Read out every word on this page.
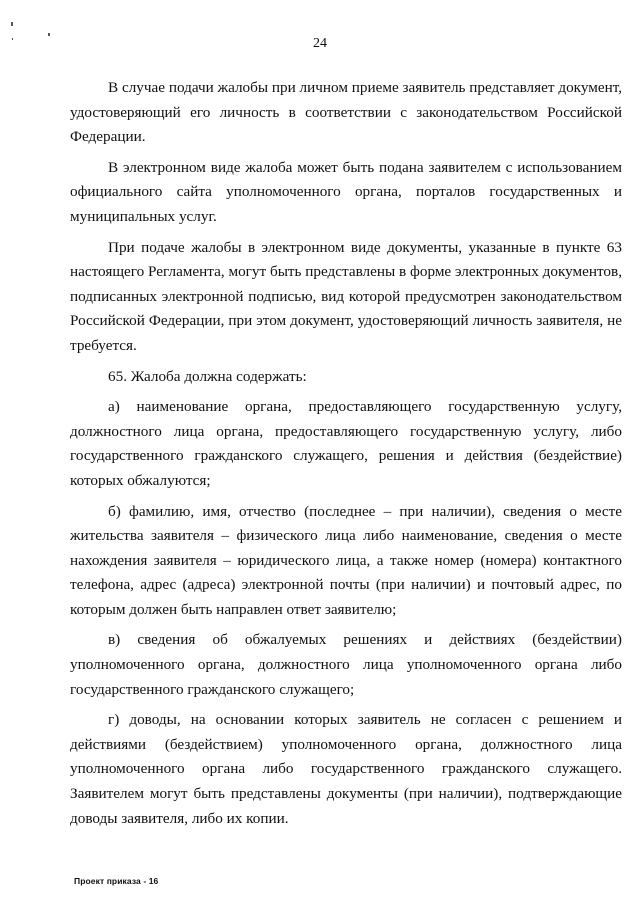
24

В случае подачи жалобы при личном приеме заявитель представляет документ, удостоверяющий его личность в соответствии с законодательством Российской Федерации.

В электронном виде жалоба может быть подана заявителем с использованием официального сайта уполномоченного органа, порталов государственных и муниципальных услуг.

При подаче жалобы в электронном виде документы, указанные в пункте 63 настоящего Регламента, могут быть представлены в форме электронных документов, подписанных электронной подписью, вид которой предусмотрен законодательством Российской Федерации, при этом документ, удостоверяющий личность заявителя, не требуется.

65. Жалоба должна содержать:

а) наименование органа, предоставляющего государственную услугу, должностного лица органа, предоставляющего государственную услугу, либо государственного гражданского служащего, решения и действия (бездействие) которых обжалуются;

б) фамилию, имя, отчество (последнее – при наличии), сведения о месте жительства заявителя – физического лица либо наименование, сведения о месте нахождения заявителя – юридического лица, а также номер (номера) контактного телефона, адрес (адреса) электронной почты (при наличии) и почтовый адрес, по которым должен быть направлен ответ заявителю;

в) сведения об обжалуемых решениях и действиях (бездействии) уполномоченного органа, должностного лица уполномоченного органа либо государственного гражданского служащего;

г) доводы, на основании которых заявитель не согласен с решением и действиями (бездействием) уполномоченного органа, должностного лица уполномоченного органа либо государственного гражданского служащего. Заявителем могут быть представлены документы (при наличии), подтверждающие доводы заявителя, либо их копии.

Проект приказа - 16
